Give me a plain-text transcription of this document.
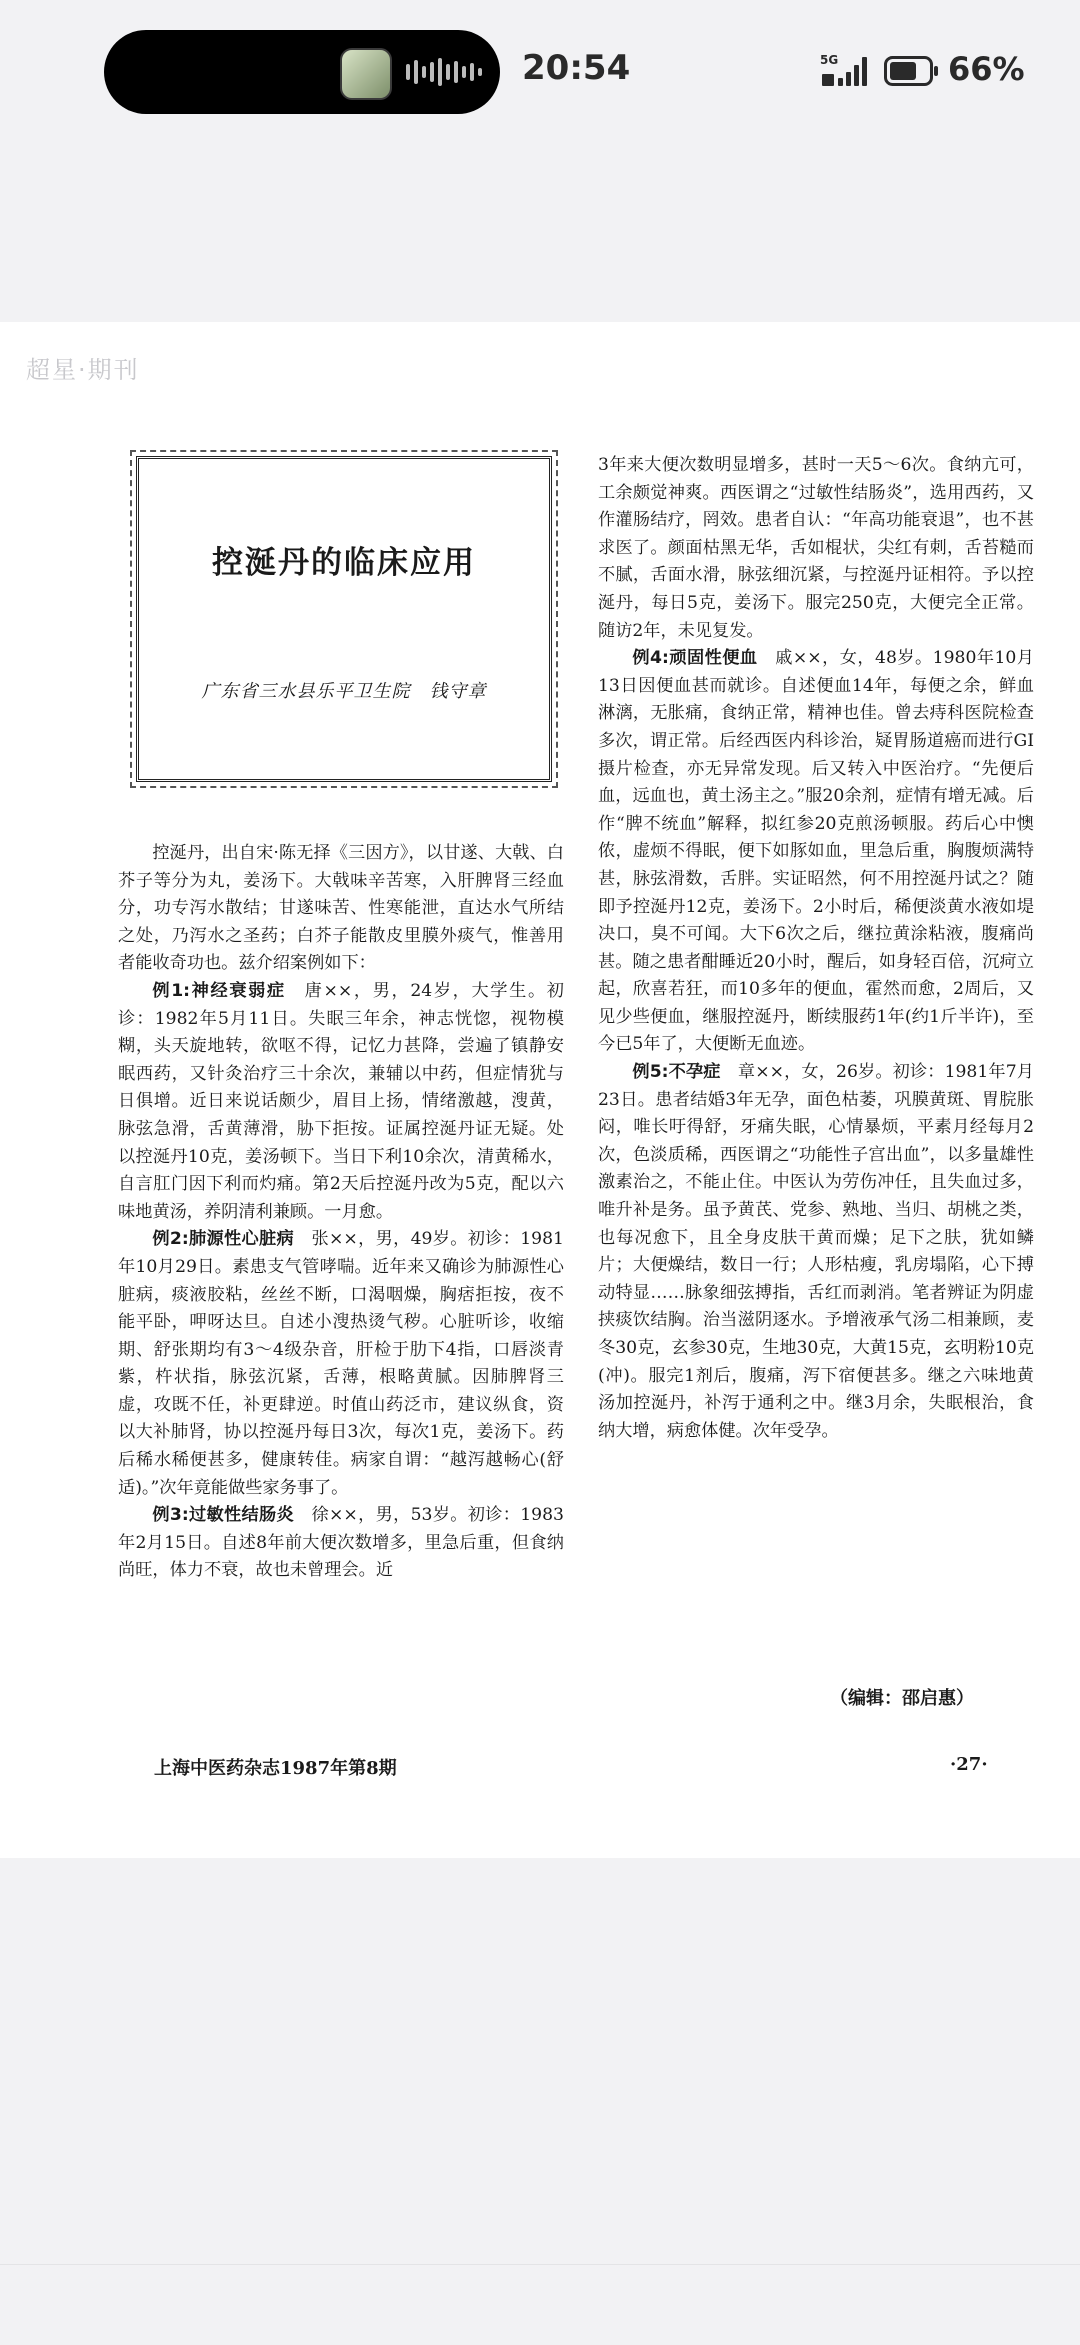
20:54	5G	66%
超星·期刊
控涎丹的临床应用
广东省三水县乐平卫生院　钱守章

控涎丹，出自宋·陈无择《三因方》，以甘遂、大戟、白芥子等分为丸，姜汤下。大戟味辛苦寒，入肝脾肾三经血分，功专泻水散结；甘遂味苦、性寒能泄，直达水气所结之处，乃泻水之圣药；白芥子能散皮里膜外痰气，惟善用者能收奇功也。兹介绍案例如下：

例1:神经衰弱症　 唐××，男，24岁，大学生。初诊：1982年5月11日。失眠三年余，神志恍惚，视物模糊，头天旋地转，欲呕不得，记忆力甚降，尝遍了镇静安眠西药，又针灸治疗三十余次，兼辅以中药，但症情犹与日俱增。近日来说话颇少，眉目上扬，情绪激越，溲黄，脉弦急滑，舌黄薄滑，胁下拒按。证属控涎丹证无疑。处以控涎丹10克，姜汤顿下。当日下利10余次，清黄稀水，自言肛门因下利而灼痛。第2天后控涎丹改为5克，配以六味地黄汤，养阴清利兼顾。一月愈。

例2:肺源性心脏病　 张××，男，49岁。初诊：1981年10月29日。素患支气管哮喘。近年来又确诊为肺源性心脏病，痰液胶粘，丝丝不断，口渴咽燥，胸痞拒按，夜不能平卧，呷呀达旦。自述小溲热烫气秽。心脏听诊，收缩期、舒张期均有3～4级杂音，肝检于肋下4指，口唇淡青紫，杵状指，脉弦沉紧，舌薄，根略黄腻。因肺脾肾三虚，攻既不任，补更肆逆。时值山药泛市，建议纵食，资以大补肺肾，协以控涎丹每日3次，每次1克，姜汤下。药后稀水稀便甚多，健康转佳。病家自谓：“越泻越畅心(舒适)。”次年竟能做些家务事了。

例3:过敏性结肠炎　 徐××，男，53岁。初诊：1983年2月15日。自述8年前大便次数增多，里急后重，但食纳尚旺，体力不衰，故也未曾理会。近

3年来大便次数明显增多，甚时一天5～6次。食纳亢可，工余颇觉神爽。西医谓之“过敏性结肠炎”，选用西药，又作灌肠结疗，罔效。患者自认：“年高功能衰退”，也不甚求医了。颜面枯黑无华，舌如棍状，尖红有刺，舌苔糙而不腻，舌面水滑，脉弦细沉紧，与控涎丹证相符。予以控涎丹，每日5克，姜汤下。服完250克，大便完全正常。随访2年，未见复发。

例4:顽固性便血　 戚××，女，48岁。1980年10月13日因便血甚而就诊。自述便血14年，每便之余，鲜血淋漓，无胀痛，食纳正常，精神也佳。曾去痔科医院检查多次，谓正常。后经西医内科诊治，疑胃肠道癌而进行GI摄片检查，亦无异常发现。后又转入中医治疗。“先便后血，远血也，黄土汤主之。”服20余剂，症情有增无减。后作“脾不统血”解释，拟红参20克煎汤顿服。药后心中懊侬，虚烦不得眠，便下如豚如血，里急后重，胸腹烦满特甚，脉弦滑数，舌胖。实证昭然，何不用控涎丹试之？随即予控涎丹12克，姜汤下。2小时后，稀便淡黄水液如堤决口，臭不可闻。大下6次之后，继拉黄涂粘液，腹痛尚甚。随之患者酣睡近20小时，醒后，如身轻百倍，沉疴立起，欣喜若狂，而10多年的便血，霍然而愈，2周后，又见少些便血，继服控涎丹，断续服药1年(约1斤半许)，至今已5年了，大便断无血迹。

例5:不孕症　 章××，女，26岁。初诊：1981年7月23日。患者结婚3年无孕，面色枯萎，巩膜黄斑、胃脘胀闷，唯长吁得舒，牙痛失眠，心情暴烦，平素月经每月2次，色淡质稀，西医谓之“功能性子宫出血”，以多量雄性激素治之，不能止住。中医认为劳伤冲任，且失血过多，唯升补是务。虽予黄芪、党参、熟地、当归、胡桃之类，也每况愈下，且全身皮肤干黄而燥；足下之肤，犹如鳞片；大便燥结，数日一行；人形枯瘦，乳房塌陷，心下搏动特显……脉象细弦搏指，舌红而剥消。笔者辨证为阴虚挟痰饮结胸。治当滋阴逐水。予增液承气汤二相兼顾，麦冬30克，玄参30克，生地30克，大黄15克，玄明粉10克(冲)。服完1剂后，腹痛，泻下宿便甚多。继之六味地黄汤加控涎丹，补泻于通利之中。继3月余，失眠根治，食纳大增，病愈体健。次年受孕。

（编辑：邵启惠）
上海中医药杂志1987年第8期	·27·
